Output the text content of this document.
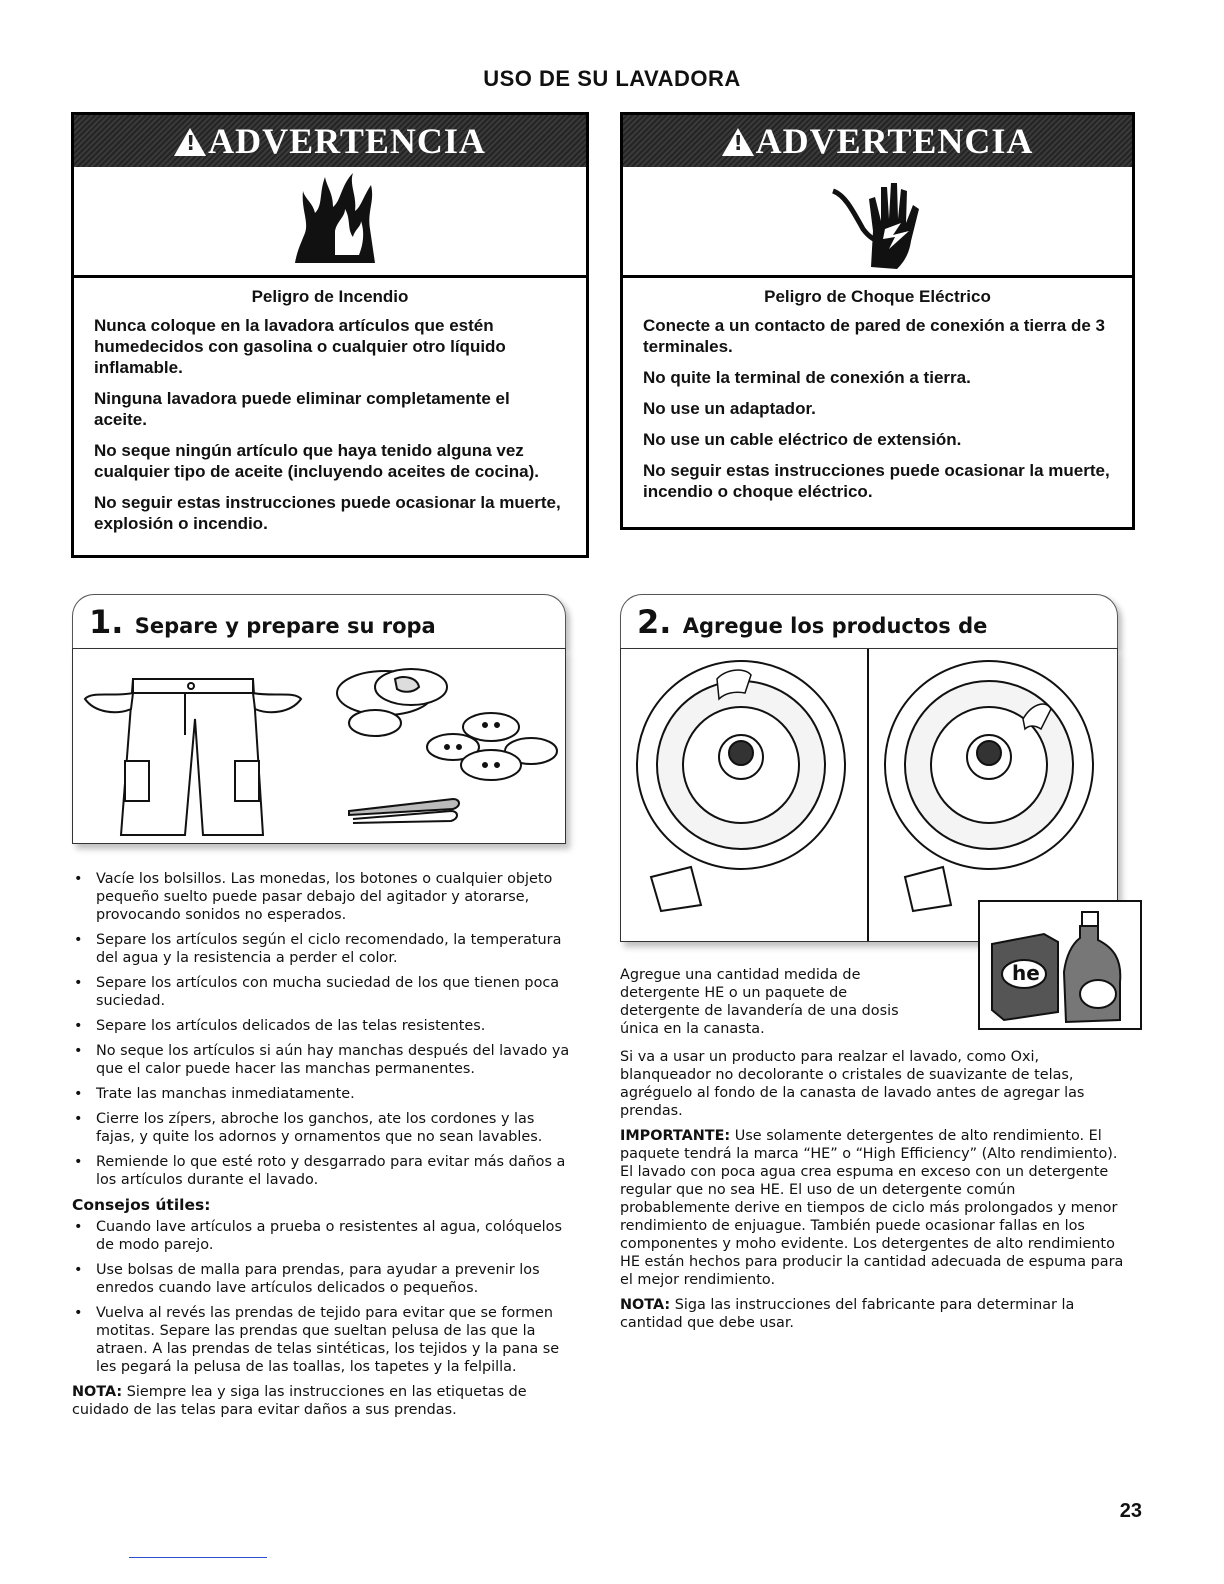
USO DE SU LAVADORA
!ADVERTENCIA
Peligro de Incendio

Nunca coloque en la lavadora artículos que estén humedecidos con gasolina o cualquier otro líquido inflamable.

Ninguna lavadora puede eliminar completamente el aceite.

No seque ningún artículo que haya tenido alguna vez cualquier tipo de aceite (incluyendo aceites de cocina).

No seguir estas instrucciones puede ocasionar la muerte, explosión o incendio.

!ADVERTENCIA
Peligro de Choque Eléctrico

Conecte a un contacto de pared de conexión a tierra de 3 terminales.

No quite la terminal de conexión a tierra.

No use un adaptador.

No use un cable eléctrico de extensión.

No seguir estas instrucciones puede ocasionar la muerte, incendio o choque eléctrico.

1. Separe y prepare su ropa
• Vacíe los bolsillos. Las monedas, los botones o cualquier objeto pequeño suelto puede pasar debajo del agitador y atorarse, provocando sonidos no esperados.
• Separe los artículos según el ciclo recomendado, la temperatura del agua y la resistencia a perder el color.
• Separe los artículos con mucha suciedad de los que tienen poca suciedad.
• Separe los artículos delicados de las telas resistentes.
• No seque los artículos si aún hay manchas después del lavado ya que el calor puede hacer las manchas permanentes.
• Trate las manchas inmediatamente.
• Cierre los zípers, abroche los ganchos, ate los cordones y las fajas, y quite los adornos y ornamentos que no sean lavables.
• Remiende lo que esté roto y desgarrado para evitar más daños a los artículos durante el lavado.
Consejos útiles:
• Cuando lave artículos a prueba o resistentes al agua, colóquelos de modo parejo.
• Use bolsas de malla para prendas, para ayudar a prevenir los enredos cuando lave artículos delicados o pequeños.
• Vuelva al revés las prendas de tejido para evitar que se formen motitas. Separe las prendas que sueltan pelusa de las que la atraen. A las prendas de telas sintéticas, los tejidos y la pana se les pegará la pelusa de las toallas, los tapetes y la felpilla.

NOTA: Siempre lea y siga las instrucciones en las etiquetas de cuidado de las telas para evitar daños a sus prendas.

2. Agregue los productos de
he
Agregue una cantidad medida de detergente HE o un paquete de detergente de lavandería de una dosis única en la canasta.

Si va a usar un producto para realzar el lavado, como Oxi, blanqueador no decolorante o cristales de suavizante de telas, agréguelo al fondo de la canasta de lavado antes de agregar las prendas.

IMPORTANTE: Use solamente detergentes de alto rendimiento. El paquete tendrá la marca “HE” o “High Efficiency” (Alto rendimiento). El lavado con poca agua crea espuma en exceso con un detergente regular que no sea HE. El uso de un detergente común probablemente derive en tiempos de ciclo más prolongados y menor rendimiento de enjuague. También puede ocasionar fallas en los componentes y moho evidente. Los detergentes de alto rendimiento HE están hechos para producir la cantidad adecuada de espuma para el mejor rendimiento.

NOTA: Siga las instrucciones del fabricante para determinar la cantidad que debe usar.

23
